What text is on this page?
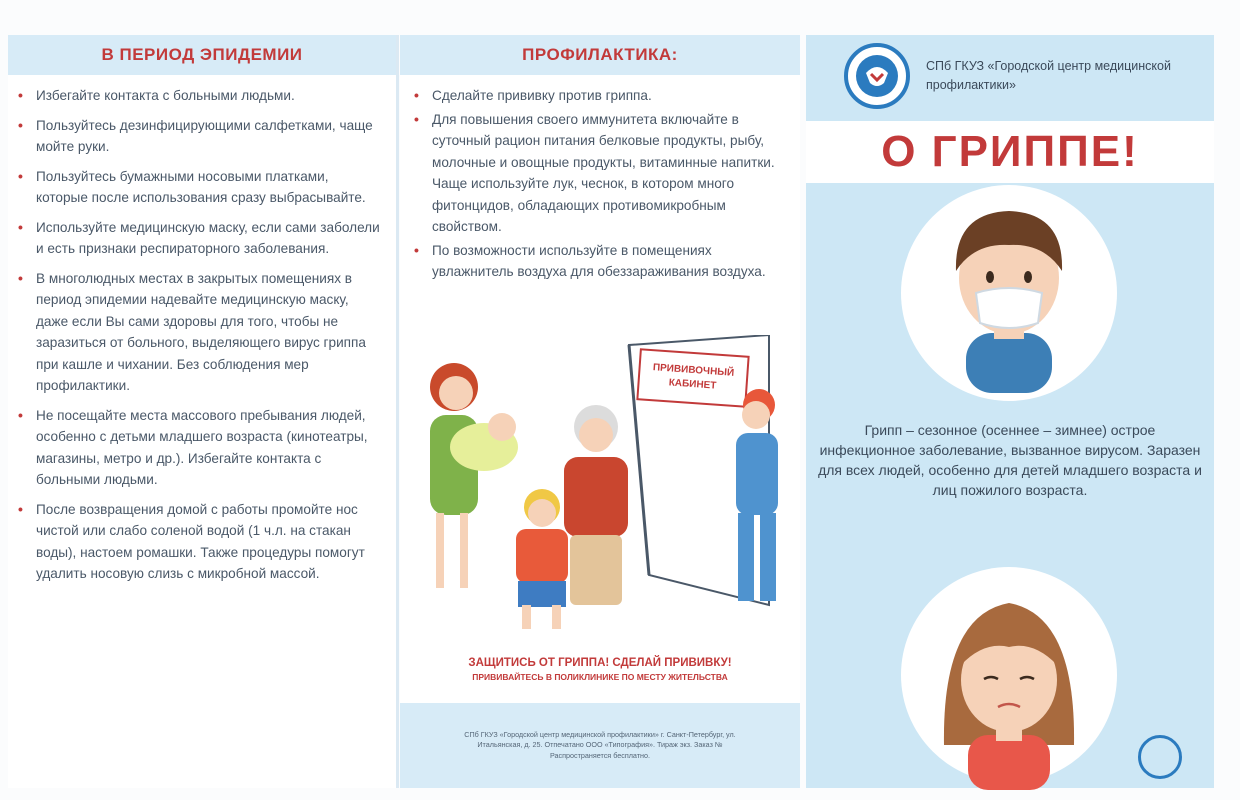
В ПЕРИОД ЭПИДЕМИИ
• Избегайте контакта с больными людьми.
• Пользуйтесь дезинфицирующими салфетками, чаще мойте руки.
• Пользуйтесь бумажными носовыми платками, которые после использования сразу выбрасывайте.
• Используйте медицинскую маску, если сами заболели и есть признаки респираторного заболевания.
• В многолюдных местах в закрытых помещениях в период эпидемии надевайте медицинскую маску, даже если Вы сами здоровы для того, чтобы не заразиться от больного, выделяющего вирус гриппа при кашле и чихании. Без соблюдения мер профилактики.
• Не посещайте места массового пребывания людей, особенно с детьми младшего возраста (кинотеатры, магазины, метро и др.). Избегайте контакта с больными людьми.
• После возвращения домой с работы промойте нос чистой или слабо соленой водой (1 ч.л. на стакан воды), настоем ромашки. Также процедуры помогут удалить носовую слизь с микробной массой.
ПРОФИЛАКТИКА:
• Сделайте прививку против гриппа.
• Для повышения своего иммунитета включайте в суточный рацион питания белковые продукты, рыбу, молочные и овощные продукты, витаминные напитки. Чаще используйте лук, чеснок, в котором много фитонцидов, обладающих противомикробным свойством.
• По возможности используйте в помещениях увлажнитель воздуха для обеззараживания воздуха.
ПРИВИВОЧНЫЙКАБИНЕТ
ЗАЩИТИСЬ ОТ ГРИППА! СДЕЛАЙ ПРИВИВКУ!
ПРИВИВАЙТЕСЬ В ПОЛИКЛИНИКЕ ПО МЕСТУ ЖИТЕЛЬСТВА
СПб ГКУЗ «Городской центр медицинской профилактики» г. Санкт-Петербург, ул. Итальянская, д. 25. Отпечатано ООО «Типография». Тираж экз. Заказ № Распространяется бесплатно.
СПб ГКУЗ «Городской центр медицинской профилактики»
О ГРИППЕ!
Грипп – сезонное (осеннее – зимнее) острое инфекционное заболевание, вызванное вирусом. Заразен для всех людей, особенно для детей младшего возраста и лиц пожилого возраста.
